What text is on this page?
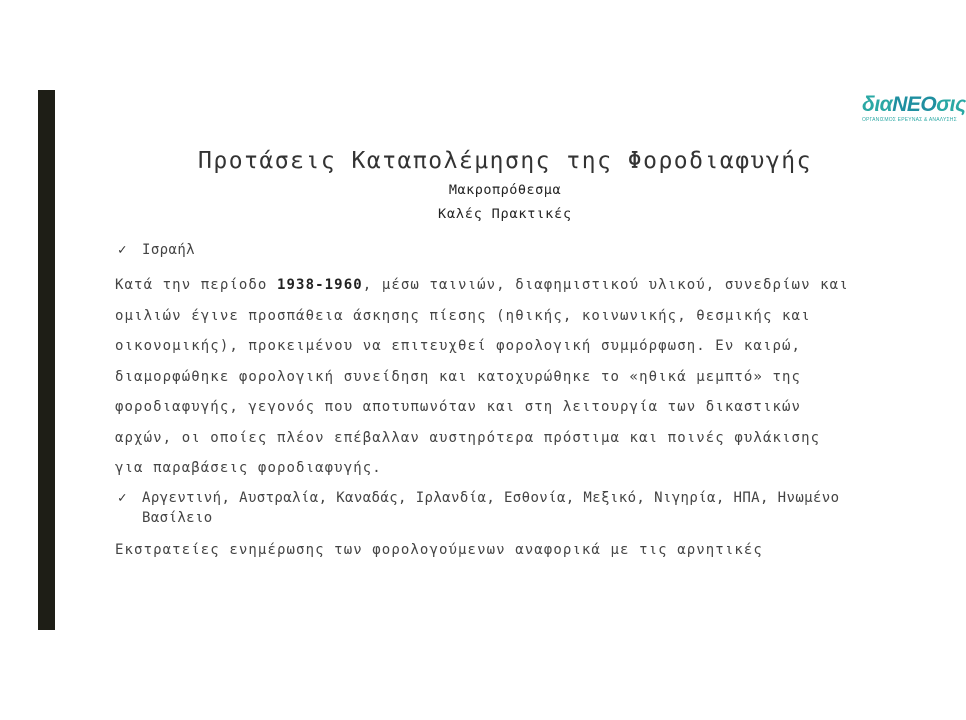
διαNEOσις
ΟΡΓΑΝΙΣΜΟΣ ΕΡΕΥΝΑΣ & ΑΝΑΛΥΣΗΣ
Προτάσεις Καταπολέμησης της Φοροδιαφυγής
Μακροπρόθεσμα
Καλές Πρακτικές
✓	Ισραήλ
Κατά την περίοδο 1938-1960, μέσω ταινιών, διαφημιστικού υλικού, συνεδρίων και ομιλιών έγινε προσπάθεια άσκησης πίεσης (ηθικής, κοινωνικής, θεσμικής και οικονομικής), προκειμένου να επιτευχθεί φορολογική συμμόρφωση. Εν καιρώ, διαμορφώθηκε φορολογική συνείδηση και κατοχυρώθηκε το «ηθικά μεμπτό» της φοροδιαφυγής, γεγονός που αποτυπωνόταν και στη λειτουργία των δικαστικών αρχών, οι οποίες πλέον επέβαλλαν αυστηρότερα πρόστιμα και ποινές φυλάκισης για παραβάσεις φοροδιαφυγής.
✓	Αργεντινή, Αυστραλία, Καναδάς, Ιρλανδία, Εσθονία, Μεξικό, Νιγηρία, ΗΠΑ, Ηνωμένο Βασίλειο
Εκστρατείες ενημέρωσης των φορολογούμενων αναφορικά με τις αρνητικές
